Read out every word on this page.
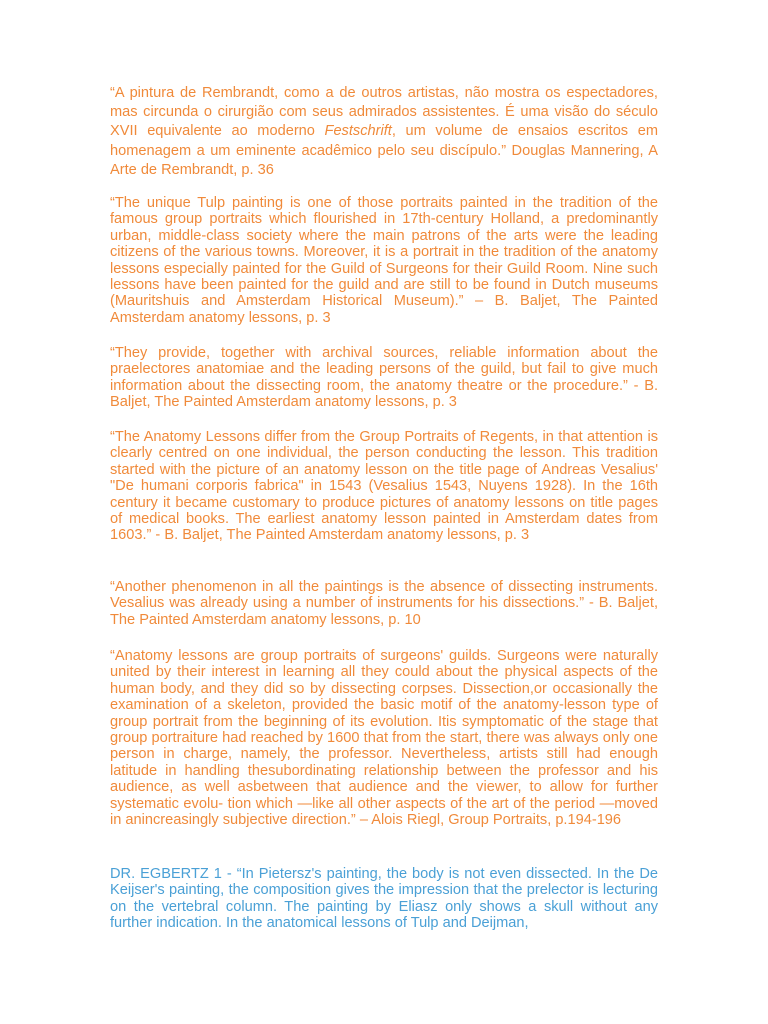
“A pintura de Rembrandt, como a de outros artistas, não mostra os espectadores, mas circunda o cirurgião com seus admirados assistentes. É uma visão do século XVII equivalente ao moderno Festschrift, um volume de ensaios escritos em homenagem a um eminente acadêmico pelo seu discípulo.” Douglas Mannering, A Arte de Rembrandt, p. 36

“The unique Tulp painting is one of those portraits painted in the tradition of the famous group portraits which flourished in 17th-century Holland, a predominantly urban, middle-class society where the main patrons of the arts were the leading citizens of the various towns. Moreover, it is a portrait in the tradition of the anatomy lessons especially painted for the Guild of Surgeons for their Guild Room. Nine such lessons have been painted for the guild and are still to be found in Dutch museums (Mauritshuis and Amsterdam Historical Museum).” – B. Baljet, The Painted Amsterdam anatomy lessons, p. 3

“They provide, together with archival sources, reliable information about the praelectores anatomiae and the leading persons of the guild, but fail to give much information about the dissecting room, the anatomy theatre or the procedure.” - B. Baljet, The Painted Amsterdam anatomy lessons, p. 3

“The Anatomy Lessons differ from the Group Portraits of Regents, in that attention is clearly centred on one individual, the person conducting the lesson. This tradition started with the picture of an anatomy lesson on the title page of Andreas Vesalius' "De humani corporis fabrica" in 1543 (Vesalius 1543, Nuyens 1928). In the 16th century it became customary to produce pictures of anatomy lessons on title pages of medical books. The earliest anatomy lesson painted in Amsterdam dates from 1603.” - B. Baljet, The Painted Amsterdam anatomy lessons, p. 3

“Another phenomenon in all the paintings is the absence of dissecting instruments. Vesalius was already using a number of instruments for his dissections.” - B. Baljet, The Painted Amsterdam anatomy lessons, p. 10

“Anatomy lessons are group portraits of surgeons' guilds. Surgeons were naturally united by their interest in learning all they could about the physical aspects of the human body, and they did so by dissecting corpses. Dissection,or occasionally the examination of a skeleton, provided the basic motif of the anatomy-lesson type of group portrait from the beginning of its evolution. Itis symptomatic of the stage that group portraiture had reached by 1600 that from the start, there was always only one person in charge, namely, the professor. Nevertheless, artists still had enough latitude in handling thesubordinating relationship between the professor and his audience, as well asbetween that audience and the viewer, to allow for further systematic evolu- tion which —like all other aspects of the art of the period —moved in anincreasingly subjective direction.” – Alois Riegl, Group Portraits, p.194-196

DR. EGBERTZ 1 - “In Pietersz's painting, the body is not even dissected. In the De Keijser's painting, the composition gives the impression that the prelector is lecturing on the vertebral column. The painting by Eliasz only shows a skull without any further indication. In the anatomical lessons of Tulp and Deijman,
